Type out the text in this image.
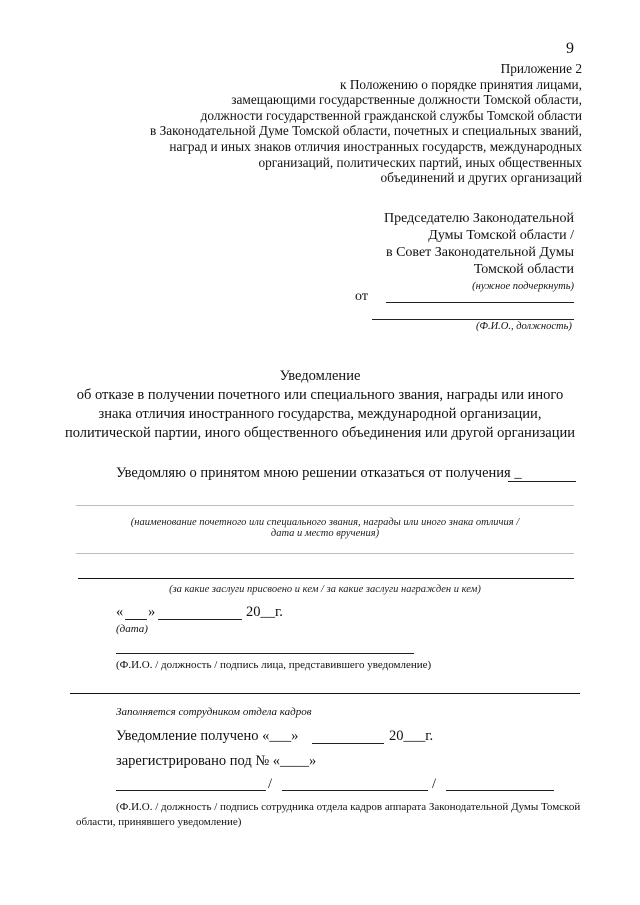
9
Приложение 2
к Положению о порядке принятия лицами,
замещающими государственные должности Томской области,
должности государственной гражданской службы Томской области
в Законодательной Думе Томской области, почетных и специальных званий,
наград и иных знаков отличия иностранных государств, международных
организаций, политических партий, иных общественных
объединений и других организаций
Председателю Законодательной
Думы Томской области /
в Совет Законодательной Думы
Томской области
(нужное подчеркнуть)
от
(Ф.И.О., должность)
Уведомление
об отказе в получении почетного или специального звания, награды или иного
знака отличия иностранного государства, международной организации,
политической партии, иного общественного объединения или другой организации
Уведомляю о принятом мною решении отказаться от получения _
(наименование почетного или специального звания, награды или иного знака отличия /
дата и место вручения)
(за какие заслуги присвоено и кем / за какие заслуги награжден и кем)
« »	20__г.
(дата)
(Ф.И.О. / должность / подпись лица, представившего уведомление)
Заполняется сотрудником отдела кадров
Уведомление получено «___»	20___г.
зарегистрировано под № «____»
/	/
(Ф.И.О. / должность / подпись сотрудника отдела кадров аппарата Законодательной Думы Томской
области, принявшего уведомление)
